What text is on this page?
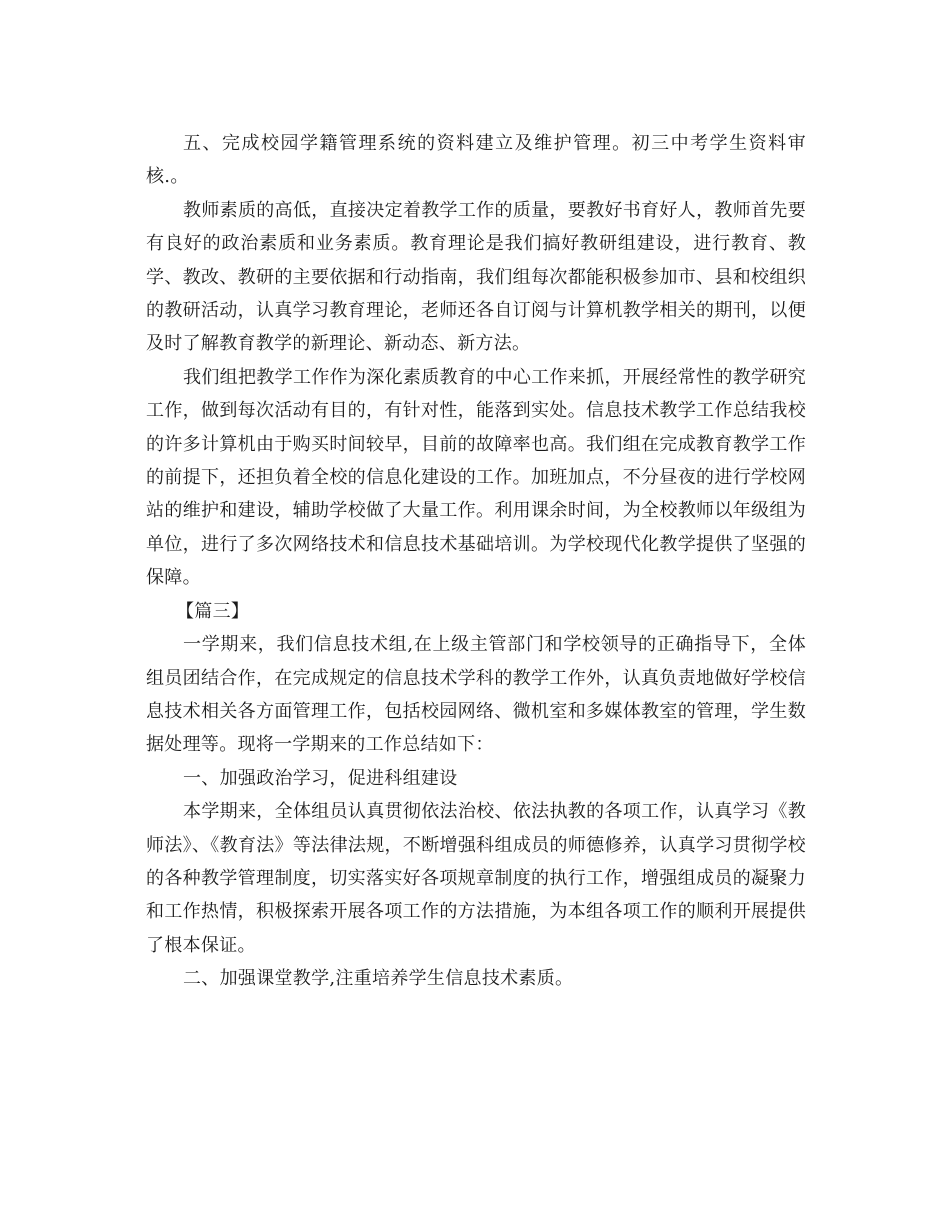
五、完成校园学籍管理系统的资料建立及维护管理。初三中考学生资料审核.。

教师素质的高低，直接决定着教学工作的质量，要教好书育好人，教师首先要有良好的政治素质和业务素质。教育理论是我们搞好教研组建设，进行教育、教学、教改、教研的主要依据和行动指南，我们组每次都能积极参加市、县和校组织的教研活动，认真学习教育理论，老师还各自订阅与计算机教学相关的期刊，以便及时了解教育教学的新理论、新动态、新方法。

我们组把教学工作作为深化素质教育的中心工作来抓，开展经常性的教学研究工作，做到每次活动有目的，有针对性，能落到实处。信息技术教学工作总结我校的许多计算机由于购买时间较早，目前的故障率也高。我们组在完成教育教学工作的前提下，还担负着全校的信息化建设的工作。加班加点，不分昼夜的进行学校网站的维护和建设，辅助学校做了大量工作。利用课余时间，为全校教师以年级组为单位，进行了多次网络技术和信息技术基础培训。为学校现代化教学提供了坚强的保障。

【篇三】

一学期来，我们信息技术组,在上级主管部门和学校领导的正确指导下，全体组员团结合作，在完成规定的信息技术学科的教学工作外，认真负责地做好学校信息技术相关各方面管理工作，包括校园网络、微机室和多媒体教室的管理，学生数据处理等。现将一学期来的工作总结如下：

一、加强政治学习，促进科组建设

本学期来，全体组员认真贯彻依法治校、依法执教的各项工作，认真学习《教师法》、《教育法》等法律法规，不断增强科组成员的师德修养，认真学习贯彻学校的各种教学管理制度，切实落实好各项规章制度的执行工作，增强组成员的凝聚力和工作热情，积极探索开展各项工作的方法措施，为本组各项工作的顺利开展提供了根本保证。

二、加强课堂教学,注重培养学生信息技术素质。
